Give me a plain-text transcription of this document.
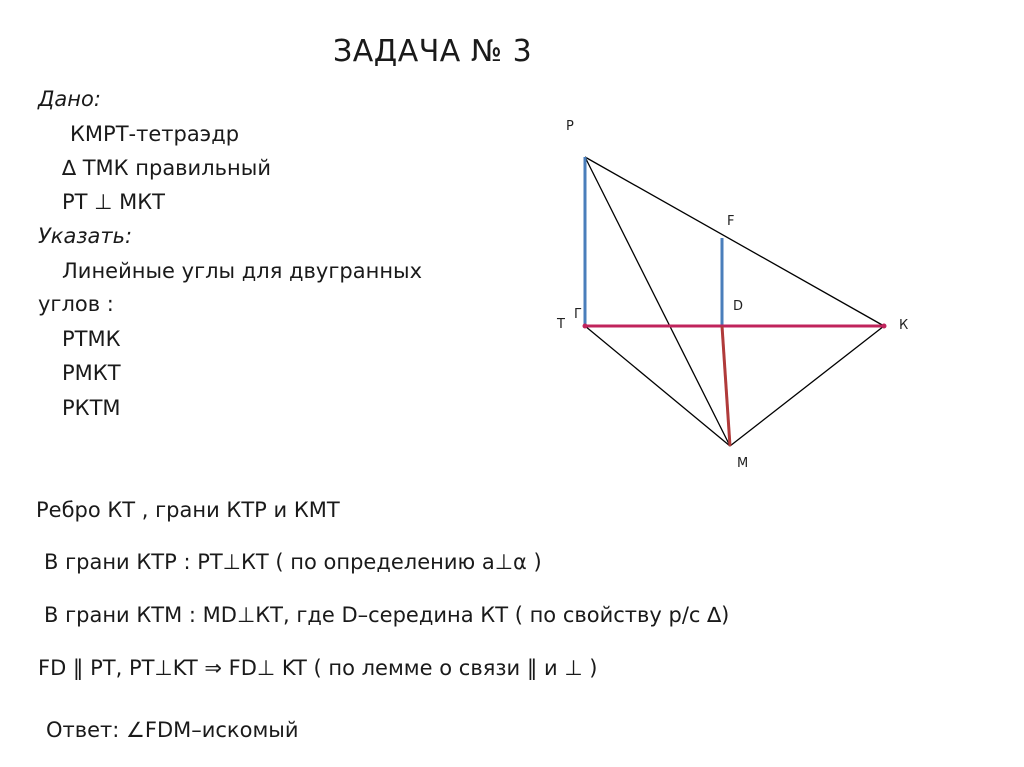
ЗАДАЧА № 3
Дано:
КМРТ-тетраэдр
∆ ТМК правильный
РТ ⊥ МКТ
Указать:
Линейные углы для двугранных
углов :
РТМК
РМКТ
РКТМ
P
F
D
T
Г
К
M
Ребро КТ , грани КТР и КМТ
В грани КТР : РТ⊥КТ ( по определению a⊥α )
В грани КТМ : МD⊥КТ, где D–середина КТ ( по свойству р/с ∆)
FD ‖ PT, PT⊥KT ⇒ FD⊥ KT ( по лемме о связи ‖ и ⊥ )
Ответ: ∠FDM–искомый
